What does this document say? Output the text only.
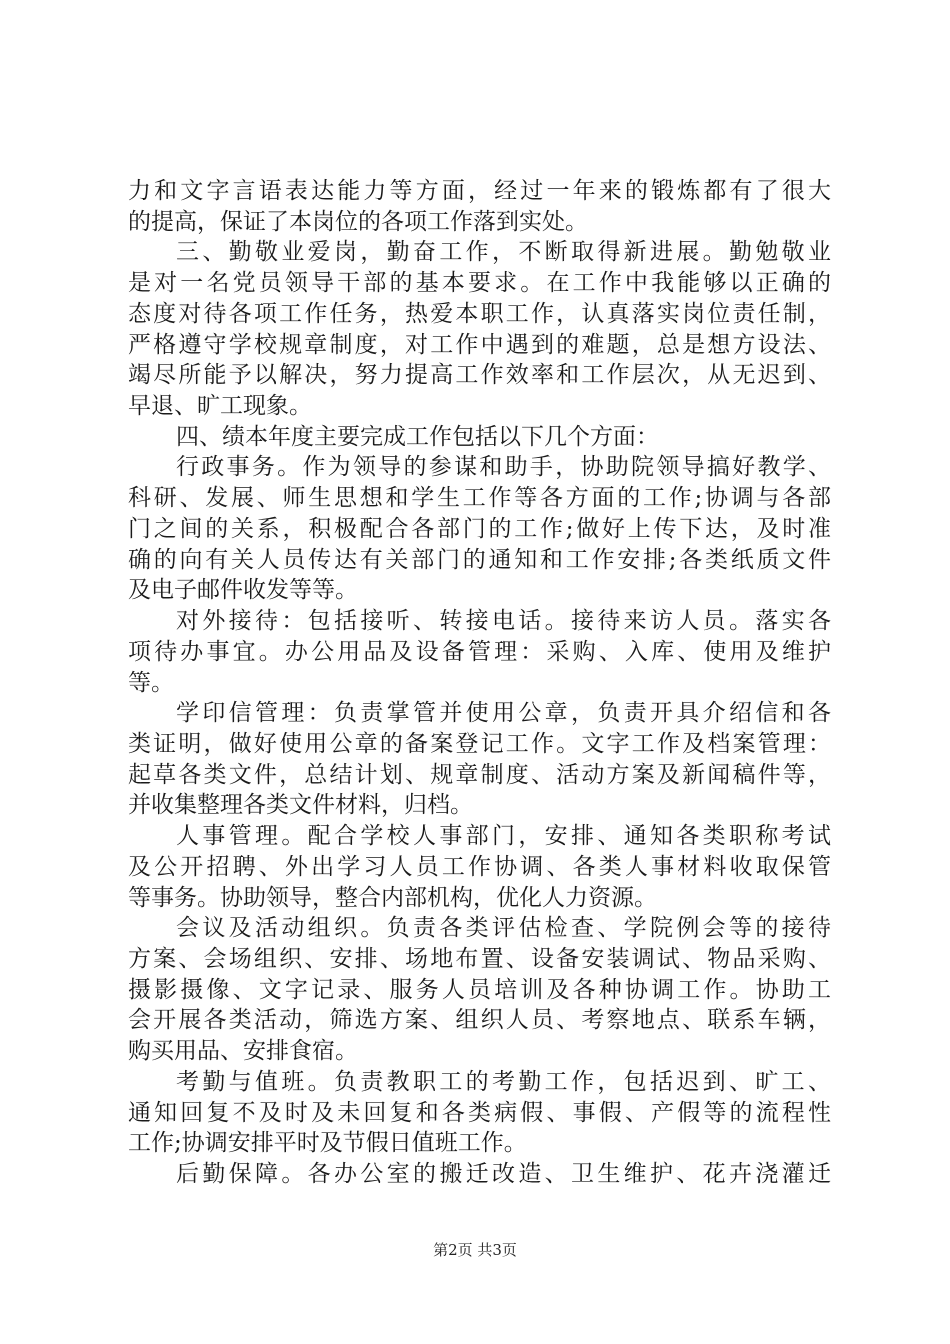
力和文字言语表达能力等方面，经过一年来的锻炼都有了很大
的提高，保证了本岗位的各项工作落到实处。
三、勤敬业爱岗，勤奋工作，不断取得新进展。勤勉敬业
是对一名党员领导干部的基本要求。在工作中我能够以正确的
态度对待各项工作任务，热爱本职工作，认真落实岗位责任制，
严格遵守学校规章制度，对工作中遇到的难题，总是想方设法、
竭尽所能予以解决，努力提高工作效率和工作层次，从无迟到、
早退、旷工现象。
四、绩本年度主要完成工作包括以下几个方面：
行政事务。作为领导的参谋和助手，协助院领导搞好教学、
科研、发展、师生思想和学生工作等各方面的工作;协调与各部
门之间的关系，积极配合各部门的工作;做好上传下达，及时准
确的向有关人员传达有关部门的通知和工作安排;各类纸质文件
及电子邮件收发等等。
对外接待：包括接听、转接电话。接待来访人员。落实各
项待办事宜。办公用品及设备管理：采购、入库、使用及维护
等。
学印信管理：负责掌管并使用公章，负责开具介绍信和各
类证明，做好使用公章的备案登记工作。文字工作及档案管理：
起草各类文件，总结计划、规章制度、活动方案及新闻稿件等，
并收集整理各类文件材料，归档。
人事管理。配合学校人事部门，安排、通知各类职称考试
及公开招聘、外出学习人员工作协调、各类人事材料收取保管
等事务。协助领导，整合内部机构，优化人力资源。
会议及活动组织。负责各类评估检查、学院例会等的接待
方案、会场组织、安排、场地布置、设备安装调试、物品采购、
摄影摄像、文字记录、服务人员培训及各种协调工作。协助工
会开展各类活动，筛选方案、组织人员、考察地点、联系车辆，
购买用品、安排食宿。
考勤与值班。负责教职工的考勤工作，包括迟到、旷工、
通知回复不及时及未回复和各类病假、事假、产假等的流程性
工作;协调安排平时及节假日值班工作。
后勤保障。各办公室的搬迁改造、卫生维护、花卉浇灌迁
第2页 共3页
